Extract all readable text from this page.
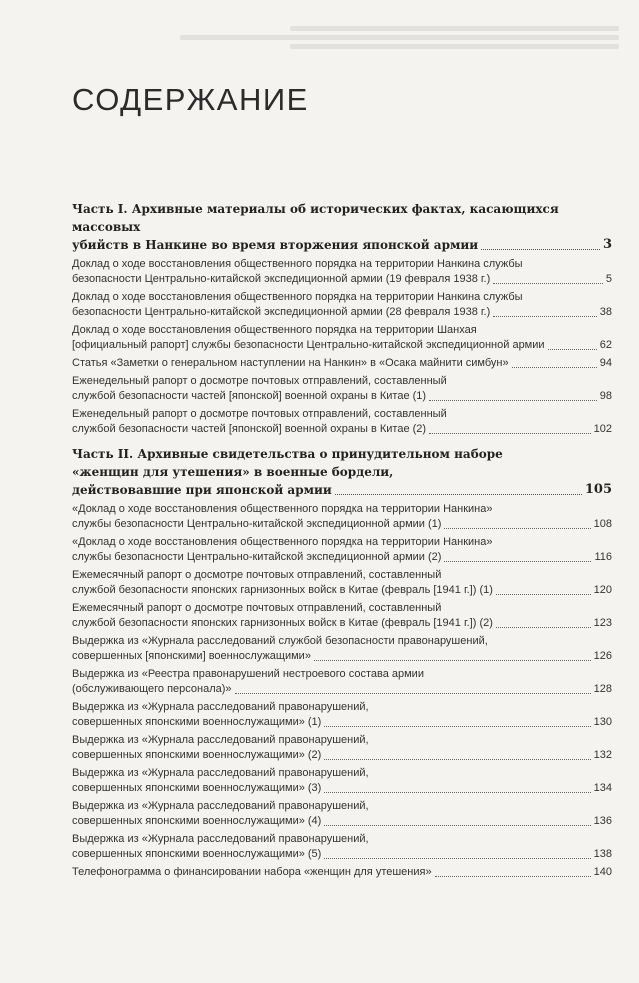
СОДЕРЖАНИЕ
Часть I. Архивные материалы об исторических фактах, касающихся массовых
убийств в Нанкине во время вторжения японской армии	3
Доклад о ходе восстановления общественного порядка на территории Нанкина службы
безопасности Центрально-китайской экспедиционной армии (19 февраля 1938 г.)	5
Доклад о ходе восстановления общественного порядка на территории Нанкина службы
безопасности Центрально-китайской экспедиционной армии (28 февраля 1938 г.)	38
Доклад о ходе восстановления общественного порядка на территории Шанхая
[официальный рапорт] службы безопасности Центрально-китайской экспедиционной армии	62
Статья «Заметки о генеральном наступлении на Нанкин» в «Осака майнити симбун»	94
Еженедельный рапорт о досмотре почтовых отправлений, составленный
службой безопасности частей [японской] военной охраны в Китае (1)	98
Еженедельный рапорт о досмотре почтовых отправлений, составленный
службой безопасности частей [японской] военной охраны в Китае (2)	102
Часть II. Архивные свидетельства о принудительном наборе
«женщин для утешения» в военные бордели,
действовавшие при японской армии	105
«Доклад о ходе восстановления общественного порядка на территории Нанкина»
службы безопасности Центрально-китайской экспедиционной армии (1)	108
«Доклад о ходе восстановления общественного порядка на территории Нанкина»
службы безопасности Центрально-китайской экспедиционной армии (2)	116
Ежемесячный рапорт о досмотре почтовых отправлений, составленный
службой безопасности японских гарнизонных войск в Китае (февраль [1941 г.]) (1)	120
Ежемесячный рапорт о досмотре почтовых отправлений, составленный
службой безопасности японских гарнизонных войск в Китае (февраль [1941 г.]) (2)	123
Выдержка из «Журнала расследований службой безопасности правонарушений,
совершенных [японскими] военнослужащими»	126
Выдержка из «Реестра правонарушений нестроевого состава армии
(обслуживающего персонала)»	128
Выдержка из «Журнала расследований правонарушений,
совершенных японскими военнослужащими» (1)	130
Выдержка из «Журнала расследований правонарушений,
совершенных японскими военнослужащими» (2)	132
Выдержка из «Журнала расследований правонарушений,
совершенных японскими военнослужащими» (3)	134
Выдержка из «Журнала расследований правонарушений,
совершенных японскими военнослужащими» (4)	136
Выдержка из «Журнала расследований правонарушений,
совершенных японскими военнослужащими» (5)	138
Телефонограмма о финансировании набора «женщин для утешения»	140
